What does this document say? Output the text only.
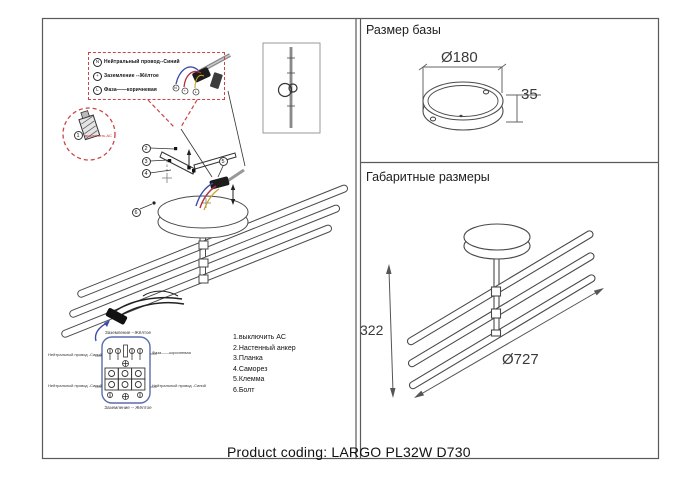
N Нейтральный провод--Синий
+	Заземление --Жёлтое
L	Фаза——коричневая	N
+ L
1	выключить AC
2
3
4
5
6
1.выключить AC
2.Настенный анкер
3.Планка
4.Саморез
5.Клемма
6.Болт
Заземление --Жёлтое
Нейтральный провод -Синий	Фаза——коричневая
Нейтральный провод -Синий	Нейтральный провод -Синий
Заземление -- Жёлтое
Размер базы
Ø180
35
Габаритные размеры
322
Ø727
Product coding: LARGO PL32W D730
